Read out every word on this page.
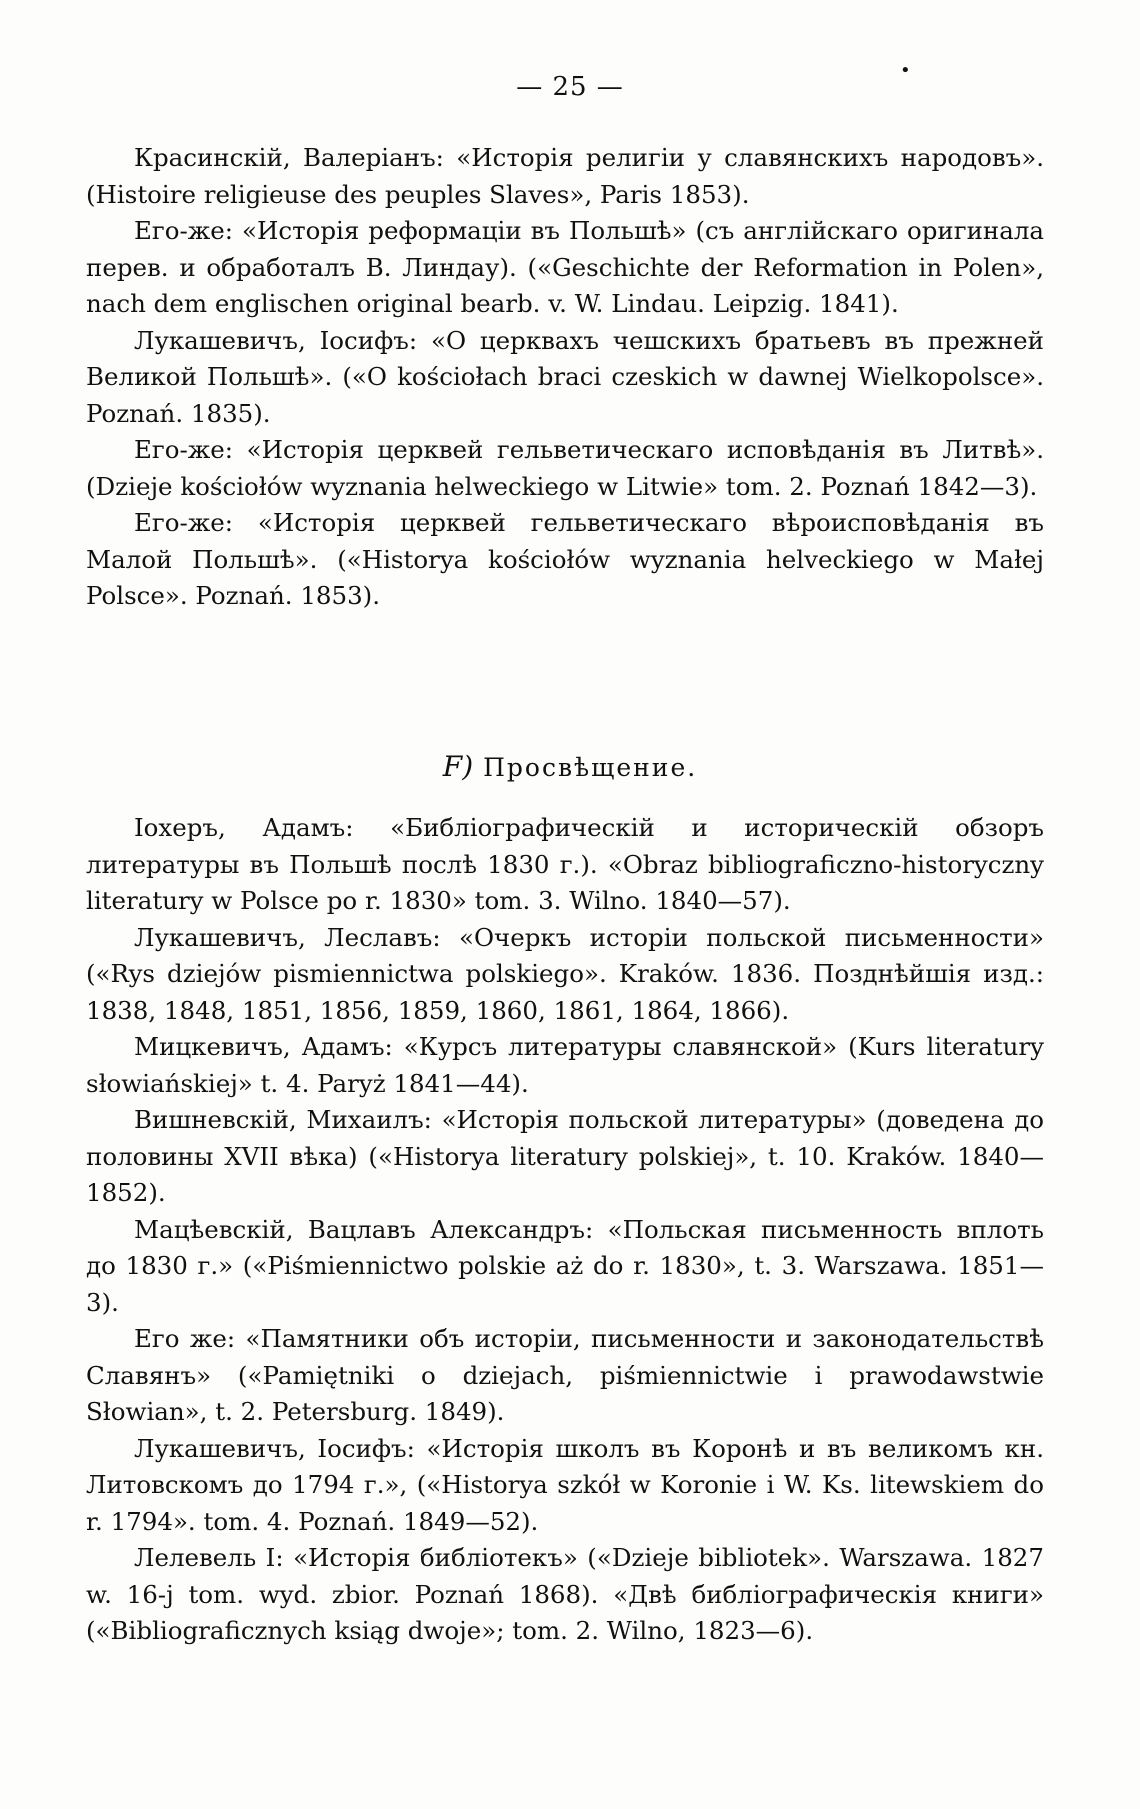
— 25 —
•

Красинскій, Валеріанъ: «Исторія религіи у славянскихъ народовъ». (Histoire religieuse des peuples Slaves», Paris 1853).

Его-же: «Исторія реформаціи въ Польшѣ» (съ англійскаго оригинала перев. и обработалъ В. Линдау). («Geschichte der Reformation in Polen», nach dem englischen original bearb. v. W. Lindau. Leipzig. 1841).

Лукашевичъ, Іосифъ: «О церквахъ чешскихъ братьевъ въ прежней Великой Польшѣ». («O kościołach braci czeskich w dawnej Wielkopolsce». Poznań. 1835).

Его-же: «Исторія церквей гельветическаго исповѣданія въ Литвѣ». (Dzieje kościołów wyznania helweckiego w Litwie» tom. 2. Poznań 1842—3).

Его-же: «Исторія церквей гельветическаго вѣроисповѣданія въ Малой Польшѣ». («Historya kościołów wyznania helveckiego w Małej Polsce». Poznań. 1853).

F) Просвѣщение.

Іохеръ, Адамъ: «Библіографическій и историческій обзоръ литературы въ Польшѣ послѣ 1830 г.). «Obraz bibliograficzno-historyczny literatury w Polsce po r. 1830» tom. 3. Wilno. 1840—57).

Лукашевичъ, Леславъ: «Очеркъ исторіи польской письменности» («Rys dziejów pismiennictwa polskiego». Kraków. 1836. Позднѣйшія изд.: 1838, 1848, 1851, 1856, 1859, 1860, 1861, 1864, 1866).

Мицкевичъ, Адамъ: «Курсъ литературы славянской» (Kurs literatury słowiańskiej» t. 4. Paryż 1841—44).

Вишневскій, Михаилъ: «Исторія польской литературы» (доведена до половины XVII вѣка) («Historya literatury polskiej», t. 10. Kraków. 1840—1852).

Мацѣевскій, Вацлавъ Александръ: «Польская письменность вплоть до 1830 г.» («Piśmiennictwo polskie aż do r. 1830», t. 3. Warszawa. 1851—3).

Его же: «Памятники объ исторіи, письменности и законодательствѣ Славянъ» («Pamiętniki o dziejach, piśmiennictwie i prawodawstwie Słowian», t. 2. Petersburg. 1849).

Лукашевичъ, Іосифъ: «Исторія школъ въ Коронѣ и въ великомъ кн. Литовскомъ до 1794 г.», («Historya szkół w Koronie i W. Ks. litewskiem do r. 1794». tom. 4. Poznań. 1849—52).

Лелевель І: «Исторія библіотекъ» («Dzieje bibliotek». Warszawa. 1827 w. 16-j tom. wyd. zbior. Poznań 1868). «Двѣ библіографическія книги» («Bibliograficznych ksiąg dwoje»; tom. 2. Wilno, 1823—6).
